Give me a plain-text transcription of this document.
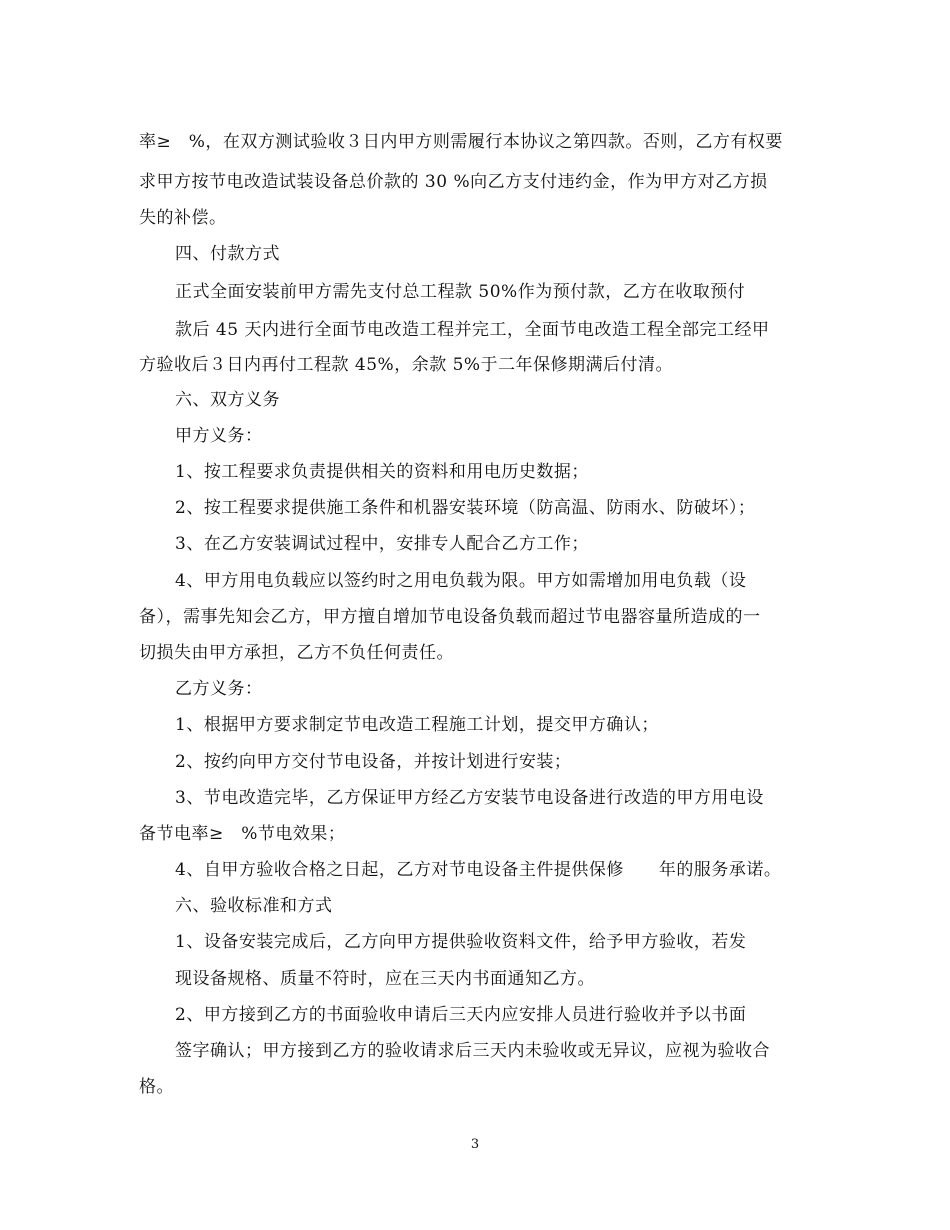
率≥　%，在双方测试验收３日内甲方则需履行本协议之第四款。否则，乙方有权要
求甲方按节电改造试装设备总价款的 30 %向乙方支付违约金，作为甲方对乙方损
失的补偿。
四、付款方式
正式全面安装前甲方需先支付总工程款 50%作为预付款，乙方在收取预付
款后 45 天内进行全面节电改造工程并完工，全面节电改造工程全部完工经甲
方验收后３日内再付工程款 45%，余款 5%于二年保修期满后付清。
六、双方义务
甲方义务：
1、按工程要求负责提供相关的资料和用电历史数据；
2、按工程要求提供施工条件和机器安装环境（防高温、防雨水、防破坏）；
3、在乙方安装调试过程中，安排专人配合乙方工作；
4、甲方用电负载应以签约时之用电负载为限。甲方如需增加用电负载（设
备），需事先知会乙方，甲方擅自增加节电设备负载而超过节电器容量所造成的一
切损失由甲方承担，乙方不负任何责任。
乙方义务：
1、根据甲方要求制定节电改造工程施工计划，提交甲方确认；
2、按约向甲方交付节电设备，并按计划进行安装；
3、节电改造完毕，乙方保证甲方经乙方安装节电设备进行改造的甲方用电设
备节电率≥　%节电效果；
4、自甲方验收合格之日起，乙方对节电设备主件提供保修　　年的服务承诺。
六、验收标准和方式
1、设备安装完成后，乙方向甲方提供验收资料文件，给予甲方验收，若发
现设备规格、质量不符时，应在三天内书面通知乙方。
2、甲方接到乙方的书面验收申请后三天内应安排人员进行验收并予以书面
签字确认；甲方接到乙方的验收请求后三天内未验收或无异议，应视为验收合
格。
3
